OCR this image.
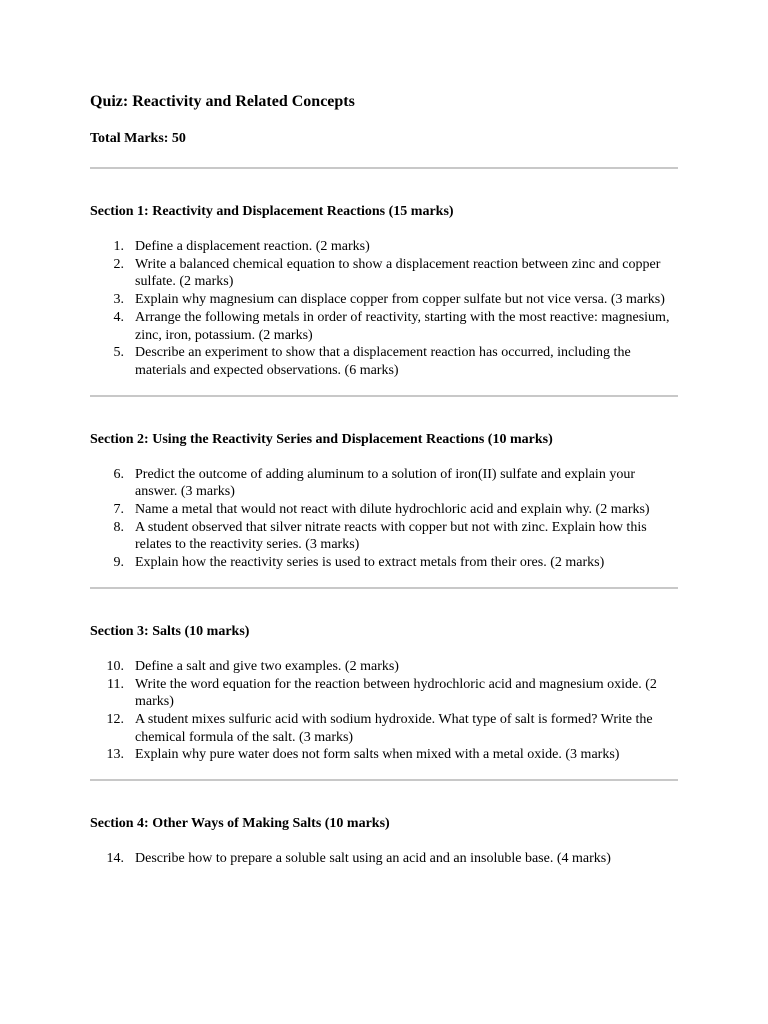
Quiz: Reactivity and Related Concepts

Total Marks: 50

Section 1: Reactivity and Displacement Reactions (15 marks)
1. Define a displacement reaction. (2 marks)
2. Write a balanced chemical equation to show a displacement reaction between zinc and copper sulfate. (2 marks)
3. Explain why magnesium can displace copper from copper sulfate but not vice versa. (3 marks)
4. Arrange the following metals in order of reactivity, starting with the most reactive: magnesium, zinc, iron, potassium. (2 marks)
5. Describe an experiment to show that a displacement reaction has occurred, including the materials and expected observations. (6 marks)
Section 2: Using the Reactivity Series and Displacement Reactions (10 marks)
6. Predict the outcome of adding aluminum to a solution of iron(II) sulfate and explain your answer. (3 marks)
7. Name a metal that would not react with dilute hydrochloric acid and explain why. (2 marks)
8. A student observed that silver nitrate reacts with copper but not with zinc. Explain how this relates to the reactivity series. (3 marks)
9. Explain how the reactivity series is used to extract metals from their ores. (2 marks)
Section 3: Salts (10 marks)
10. Define a salt and give two examples. (2 marks)
11. Write the word equation for the reaction between hydrochloric acid and magnesium oxide. (2 marks)
12. A student mixes sulfuric acid with sodium hydroxide. What type of salt is formed? Write the chemical formula of the salt. (3 marks)
13. Explain why pure water does not form salts when mixed with a metal oxide. (3 marks)
Section 4: Other Ways of Making Salts (10 marks)
14. Describe how to prepare a soluble salt using an acid and an insoluble base. (4 marks)
